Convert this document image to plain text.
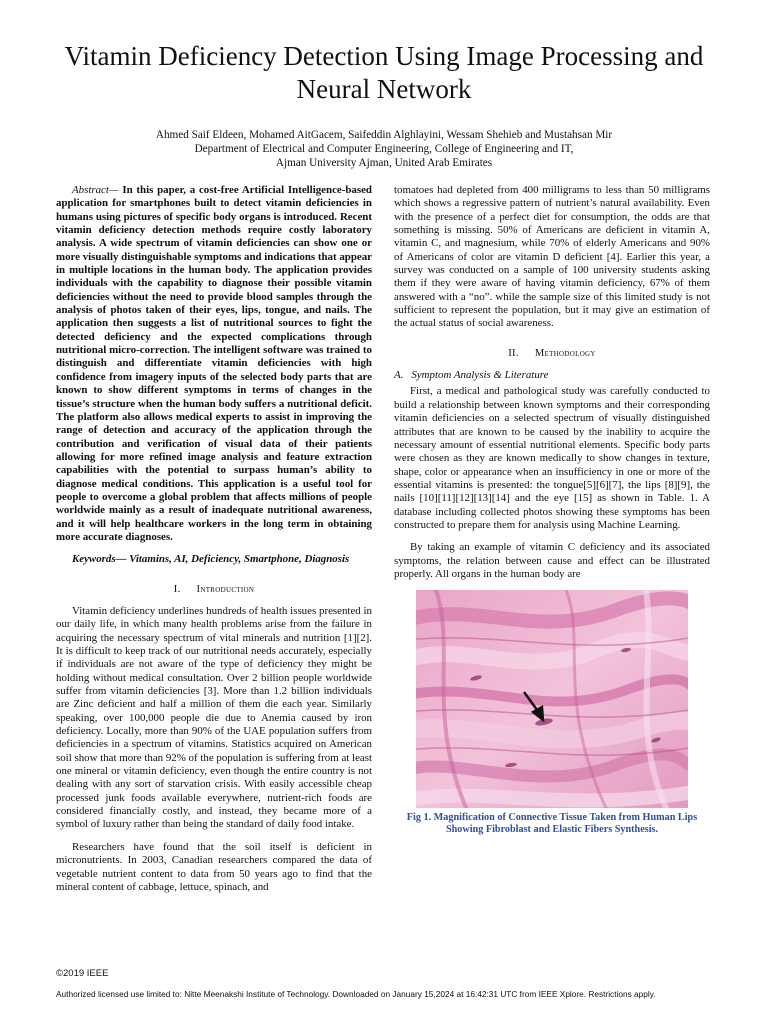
Vitamin Deficiency Detection Using Image Processing and Neural Network
Ahmed Saif Eldeen, Mohamed AitGacem, Saifeddin Alghlayini, Wessam Shehieb and Mustahsan Mir
Department of Electrical and Computer Engineering, College of Engineering and IT,
Ajman University Ajman, United Arab Emirates

Abstract— In this paper, a cost-free Artificial Intelligence-based application for smartphones built to detect vitamin deficiencies in humans using pictures of specific body organs is introduced. Recent vitamin deficiency detection methods require costly laboratory analysis. A wide spectrum of vitamin deficiencies can show one or more visually distinguishable symptoms and indications that appear in multiple locations in the human body. The application provides individuals with the capability to diagnose their possible vitamin deficiencies without the need to provide blood samples through the analysis of photos taken of their eyes, lips, tongue, and nails. The application then suggests a list of nutritional sources to fight the detected deficiency and the expected complications through nutritional micro-correction. The intelligent software was trained to distinguish and differentiate vitamin deficiencies with high confidence from imagery inputs of the selected body parts that are known to show different symptoms in terms of changes in the tissue’s structure when the human body suffers a nutritional deficit. The platform also allows medical experts to assist in improving the range of detection and accuracy of the application through the contribution and verification of visual data of their patients allowing for more refined image analysis and feature extraction capabilities with the potential to surpass human’s ability to diagnose medical conditions. This application is a useful tool for people to overcome a global problem that affects millions of people worldwide mainly as a result of inadequate nutritional awareness, and it will help healthcare workers in the long term in obtaining more accurate diagnoses.

Keywords— Vitamins, AI, Deficiency, Smartphone, Diagnosis

I. Introduction

Vitamin deficiency underlines hundreds of health issues presented in our daily life, in which many health problems arise from the failure in acquiring the necessary spectrum of vital minerals and nutrition [1][2]. It is difficult to keep track of our nutritional needs accurately, especially if individuals are not aware of the type of deficiency they might be holding without medical consultation. Over 2 billion people worldwide suffer from vitamin deficiencies [3]. More than 1.2 billion individuals are Zinc deficient and half a million of them die each year. Similarly speaking, over 100,000 people die due to Anemia caused by iron deficiency. Locally, more than 90% of the UAE population suffers from deficiencies in a spectrum of vitamins. Statistics acquired on American soil show that more than 92% of the population is suffering from at least one mineral or vitamin deficiency, even though the entire country is not dealing with any sort of starvation crisis. With easily accessible cheap processed junk foods available everywhere, nutrient-rich foods are considered financially costly, and instead, they became more of a symbol of luxury rather than being the standard of daily food intake.

Researchers have found that the soil itself is deficient in micronutrients. In 2003, Canadian researchers compared the data of vegetable nutrient content to data from 50 years ago to find that the mineral content of cabbage, lettuce, spinach, and

tomatoes had depleted from 400 milligrams to less than 50 milligrams which shows a regressive pattern of nutrient’s natural availability. Even with the presence of a perfect diet for consumption, the odds are that something is missing. 50% of Americans are deficient in vitamin A, vitamin C, and magnesium, while 70% of elderly Americans and 90% of Americans of color are vitamin D deficient [4]. Earlier this year, a survey was conducted on a sample of 100 university students asking them if they were aware of having vitamin deficiency, 67% of them answered with a “no”. while the sample size of this limited study is not sufficient to represent the population, but it may give an estimation of the actual status of social awareness.

II. Methodology
A. Symptom Analysis & Literature

First, a medical and pathological study was carefully conducted to build a relationship between known symptoms and their corresponding vitamin deficiencies on a selected spectrum of visually distinguished attributes that are known to be caused by the inability to acquire the necessary amount of essential nutritional elements. Specific body parts were chosen as they are known medically to show changes in texture, shape, color or appearance when an insufficiency in one or more of the essential vitamins is presented: the tongue[5][6][7], the lips [8][9], the nails [10][11][12][13][14] and the eye [15] as shown in Table. 1. A database including collected photos showing these symptoms has been constructed to prepare them for analysis using Machine Learning.

By taking an example of vitamin C deficiency and its associated symptoms, the relation between cause and effect can be illustrated properly. All organs in the human body are

Fig 1. Magnification of Connective Tissue Taken from Human Lips Showing Fibroblast and Elastic Fibers Synthesis.
©2019 IEEE
Authorized licensed use limited to: Nitte Meenakshi Institute of Technology. Downloaded on January 15,2024 at 16:42:31 UTC from IEEE Xplore. Restrictions apply.
